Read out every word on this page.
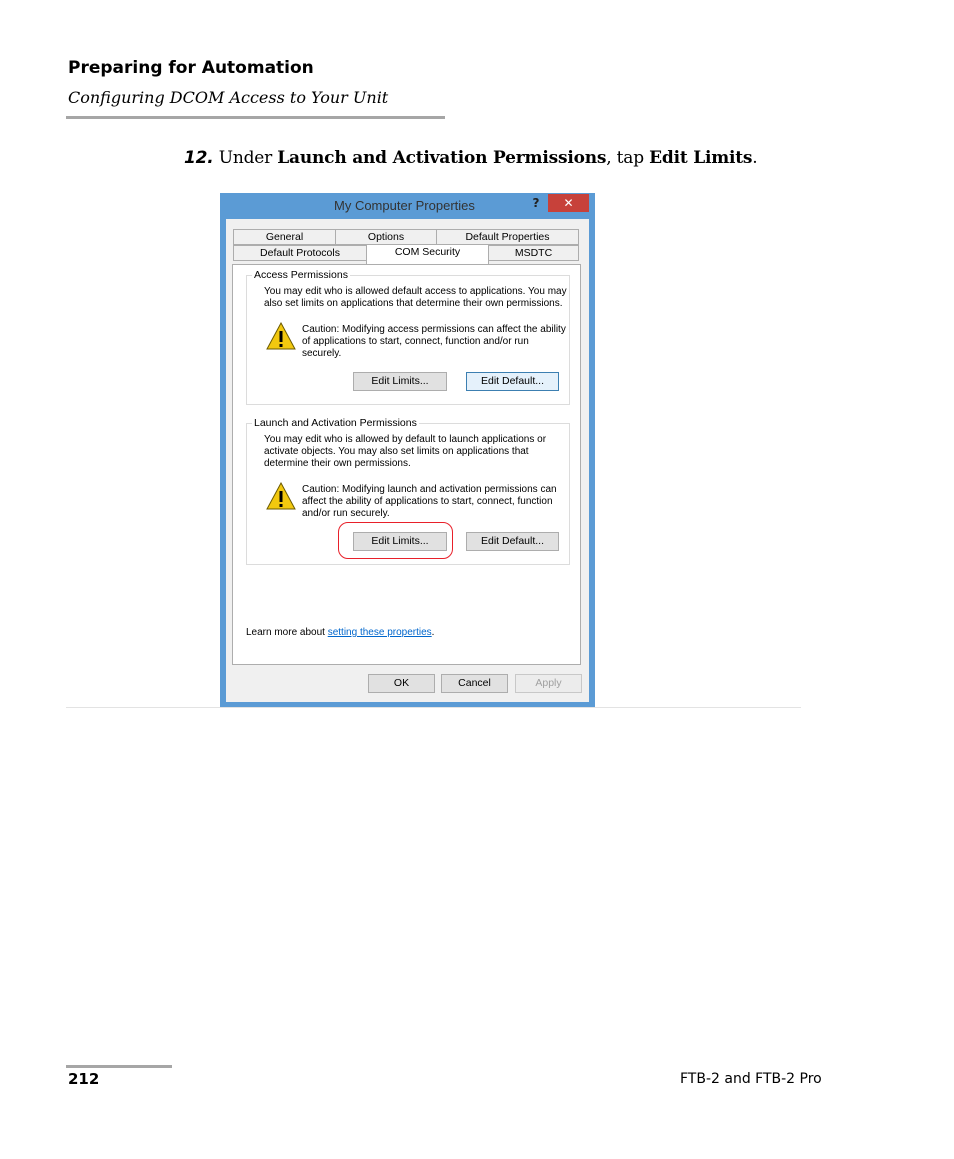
Preparing for Automation
Configuring DCOM Access to Your Unit
12. Under Launch and Activation Permissions, tap Edit Limits.
My Computer Properties	?	✕
General	Options	Default Properties
Default Protocols	MSDTC
Access Permissions
You may edit who is allowed default access to applications. You may
also set limits on applications that determine their own permissions.
Caution: Modifying access permissions can affect the ability
of applications to start, connect, function and/or run
securely.
Edit Limits...	Edit Default...
Launch and Activation Permissions
You may edit who is allowed by default to launch applications or
activate objects. You may also set limits on applications that
determine their own permissions.
Caution: Modifying launch and activation permissions can
affect the ability of applications to start, connect, function
and/or run securely.
Edit Limits...	Edit Default...
Learn more about setting these properties.
COM Security
OK	Cancel	Apply
212	FTB-2 and FTB-2 Pro
